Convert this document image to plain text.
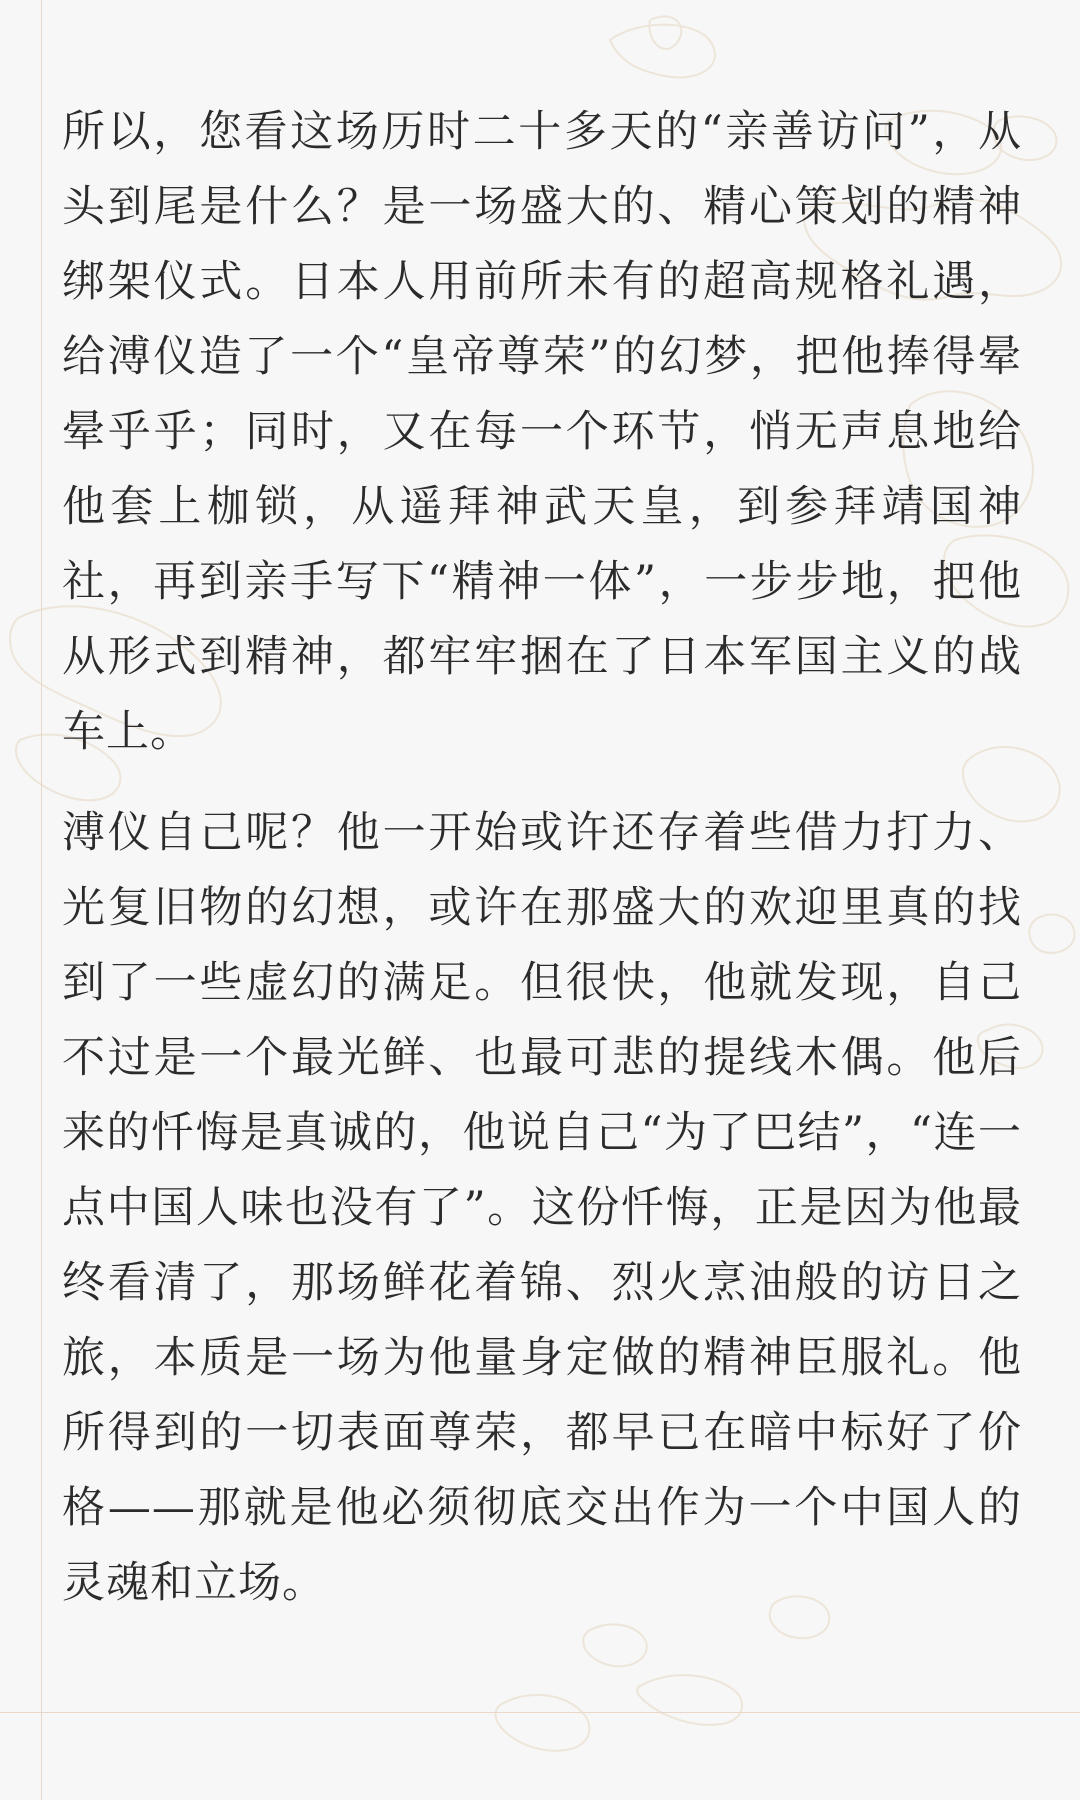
所以，您看这场历时二十多天的“亲善访问”，从头到尾是什么？是一场盛大的、精心策划的精神绑架仪式。日本人用前所未有的超高规格礼遇，给溥仪造了一个“皇帝尊荣”的幻梦，把他捧得晕晕乎乎；同时，又在每一个环节，悄无声息地给他套上枷锁，从遥拜神武天皇，到参拜靖国神社，再到亲手写下“精神一体”，一步步地，把他从形式到精神，都牢牢捆在了日本军国主义的战车上。

溥仪自己呢？他一开始或许还存着些借力打力、光复旧物的幻想，或许在那盛大的欢迎里真的找到了一些虚幻的满足。但很快，他就发现，自己不过是一个最光鲜、也最可悲的提线木偶。他后来的忏悔是真诚的，他说自己“为了巴结”，“连一点中国人味也没有了”。这份忏悔，正是因为他最终看清了，那场鲜花着锦、烈火烹油般的访日之旅，本质是一场为他量身定做的精神臣服礼。他所得到的一切表面尊荣，都早已在暗中标好了价格——那就是他必须彻底交出作为一个中国人的灵魂和立场。
